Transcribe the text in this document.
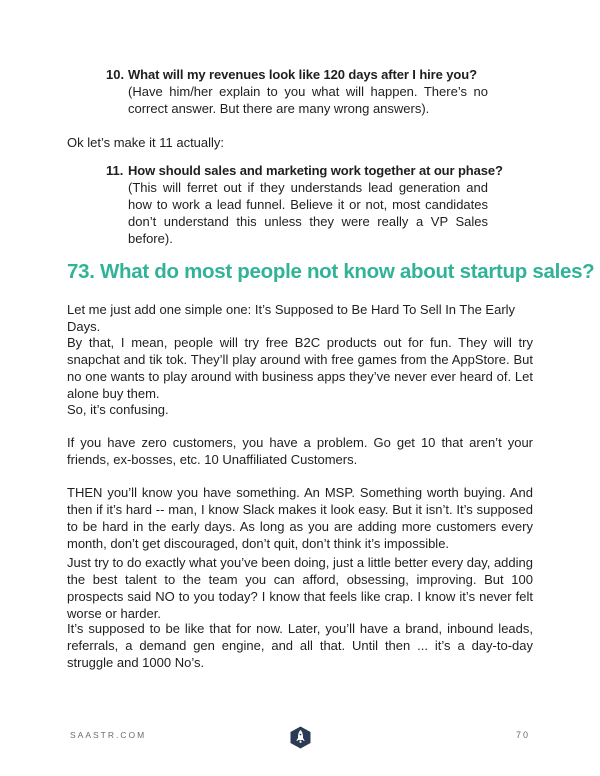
10. What will my revenues look like 120 days after I hire you?
(Have him/her explain to you what will happen. There’s no correct answer. But there are many wrong answers).
Ok let’s make it 11 actually:
11. How should sales and marketing work together at our phase?
(This will ferret out if they understands lead generation and how to work a lead funnel. Believe it or not, most candidates don’t understand this unless they were really a VP Sales before).
73. What do most people not know about startup sales?
Let me just add one simple one: It’s Supposed to Be Hard To Sell In The Early Days.
By that, I mean, people will try free B2C products out for fun. They will try snapchat and tik tok. They’ll play around with free games from the AppStore. But no one wants to play around with business apps they’ve never ever heard of. Let alone buy them.
So, it’s confusing.
If you have zero customers, you have a problem. Go get 10 that aren’t your friends, ex-bosses, etc. 10 Unaffiliated Customers.
THEN you’ll know you have something. An MSP. Something worth buying. And then if it’s hard -- man, I know Slack makes it look easy. But it isn’t. It’s supposed to be hard in the early days. As long as you are adding more customers every month, don’t get discouraged, don’t quit, don’t think it’s impossible.
Just try to do exactly what you’ve been doing, just a little better every day, adding the best talent to the team you can afford, obsessing, improving. But 100 prospects said NO to you today? I know that feels like crap. I know it’s never felt worse or harder.
It’s supposed to be like that for now. Later, you’ll have a brand, inbound leads, referrals, a demand gen engine, and all that. Until then ... it’s a day-to-day struggle and 1000 No’s.
SAASTR.COM	70
